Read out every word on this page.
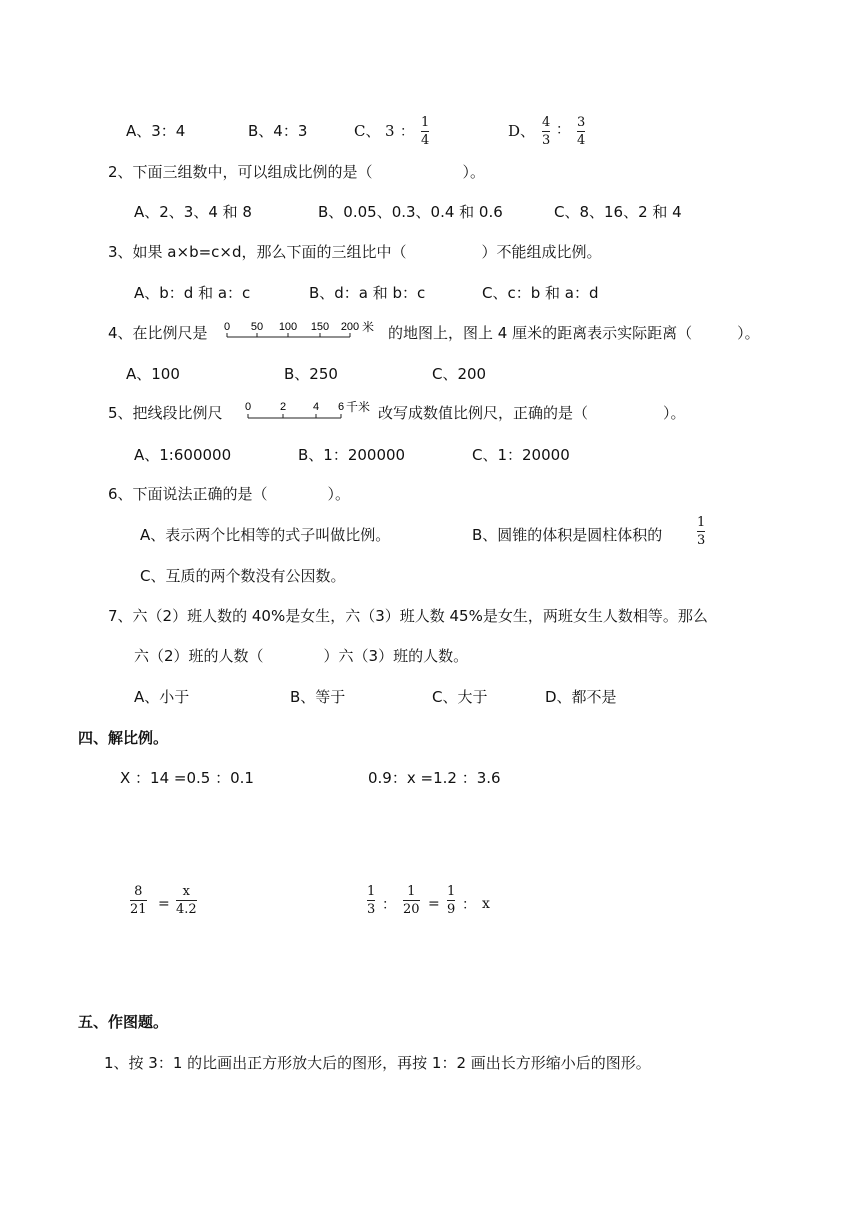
A、3：4	B、4：3	C、 3 ：
1
4
D、 4
3
： 3
4
2、下面三组数中，可以组成比例的是（　　　　　　）。
A、2、3、4 和 8	B、0.05、0.3、0.4 和 0.6	C、8、16、2 和 4
3、如果 a×b=c×d，那么下面的三组比中（　　　　　）不能组成比例。
A、b：d 和 a：c	B、d：a 和 b：c	C、c：b 和 a：d
4、在比例尺是 0 50 100 150 200 米 的地图上，图上 4 厘米的距离表示实际距离（　　　）。
A、100	B、250	C、200
5、把线段比例尺 0	2 4 6 千米 改写成数值比例尺，正确的是（　　　　　）。
A、1:600000	B、1：200000	C、1：20000
6、下面说法正确的是（　　　　）。
A、表示两个比相等的式子叫做比例。	B、圆锥的体积是圆柱体积的
1
3
C、互质的两个数没有公因数。
7、六（2）班人数的 40%是女生，六（3）班人数 45%是女生，两班女生人数相等。那么
六（2）班的人数（　　　　）六（3）班的人数。
A、小于	B、等于	C、大于	D、都不是
四、解比例。
X ：14 =0.5 ：0.1	0.9：x =1.2 ：3.6
8
21 =
x
4.2
1
3 ：
1
20 =
1
9 ： x
五、作图题。
1、按 3：1 的比画出正方形放大后的图形，再按 1：2 画出长方形缩小后的图形。
